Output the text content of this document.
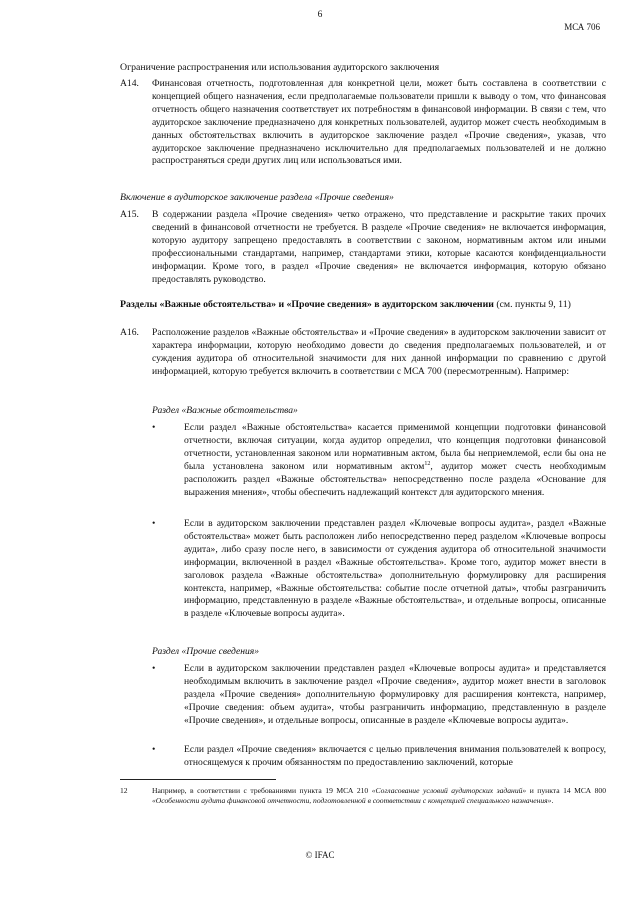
6
МСА 706
Ограничение распространения или использования аудиторского заключения
A14. Финансовая отчетность, подготовленная для конкретной цели, может быть составлена в соответствии с концепцией общего назначения, если предполагаемые пользователи пришли к выводу о том, что финансовая отчетность общего назначения соответствует их потребностям в финансовой информации. В связи с тем, что аудиторское заключение предназначено для конкретных пользователей, аудитор может счесть необходимым в данных обстоятельствах включить в аудиторское заключение раздел «Прочие сведения», указав, что аудиторское заключение предназначено исключительно для предполагаемых пользователей и не должно распространяться среди других лиц или использоваться ими.
Включение в аудиторское заключение раздела «Прочие сведения»
A15. В содержании раздела «Прочие сведения» четко отражено, что представление и раскрытие таких прочих сведений в финансовой отчетности не требуется. В разделе «Прочие сведения» не включается информация, которую аудитору запрещено предоставлять в соответствии с законом, нормативным актом или иными профессиональными стандартами, например, стандартами этики, которые касаются конфиденциальности информации. Кроме того, в раздел «Прочие сведения» не включается информация, которую обязано предоставлять руководство.
Разделы «Важные обстоятельства» и «Прочие сведения» в аудиторском заключении (см. пункты 9, 11)
A16. Расположение разделов «Важные обстоятельства» и «Прочие сведения» в аудиторском заключении зависит от характера информации, которую необходимо довести до сведения предполагаемых пользователей, и от суждения аудитора об относительной значимости для них данной информации по сравнению с другой информацией, которую требуется включить в соответствии с МСА 700 (пересмотренным). Например:
Раздел «Важные обстоятельства»
•	Если раздел «Важные обстоятельства» касается применимой концепции подготовки финансовой отчетности, включая ситуации, когда аудитор определил, что концепция подготовки финансовой отчетности, установленная законом или нормативным актом, была бы неприемлемой, если бы она не была установлена законом или нормативным актом$^{12}$, аудитор может счесть необходимым расположить раздел «Важные обстоятельства» непосредственно после раздела «Основание для выражения мнения», чтобы обеспечить надлежащий контекст для аудиторского мнения.
•	Если в аудиторском заключении представлен раздел «Ключевые вопросы аудита», раздел «Важные обстоятельства» может быть расположен либо непосредственно перед разделом «Ключевые вопросы аудита», либо сразу после него, в зависимости от суждения аудитора об относительной значимости информации, включенной в раздел «Важные обстоятельства». Кроме того, аудитор может внести в заголовок раздела «Важные обстоятельства» дополнительную формулировку для расширения контекста, например, «Важные обстоятельства: событие после отчетной даты», чтобы разграничить информацию, представленную в разделе «Важные обстоятельства», и отдельные вопросы, описанные в разделе «Ключевые вопросы аудита».
Раздел «Прочие сведения»
•	Если в аудиторском заключении представлен раздел «Ключевые вопросы аудита» и представляется необходимым включить в заключение раздел «Прочие сведения», аудитор может внести в заголовок раздела «Прочие сведения» дополнительную формулировку для расширения контекста, например, «Прочие сведения: объем аудита», чтобы разграничить информацию, представленную в разделе «Прочие сведения», и отдельные вопросы, описанные в разделе «Ключевые вопросы аудита».
•	Если раздел «Прочие сведения» включается с целью привлечения внимания пользователей к вопросу, относящемуся к прочим обязанностям по предоставлению заключений, которые
12	Например, в соответствии с требованиями пункта 19 МСА 210 «Согласование условий аудиторских заданий» и пункта 14 МСА 800 «Особенности аудита финансовой отчетности, подготовленной в соответствии с концепцией специального назначения».
© IFAC
